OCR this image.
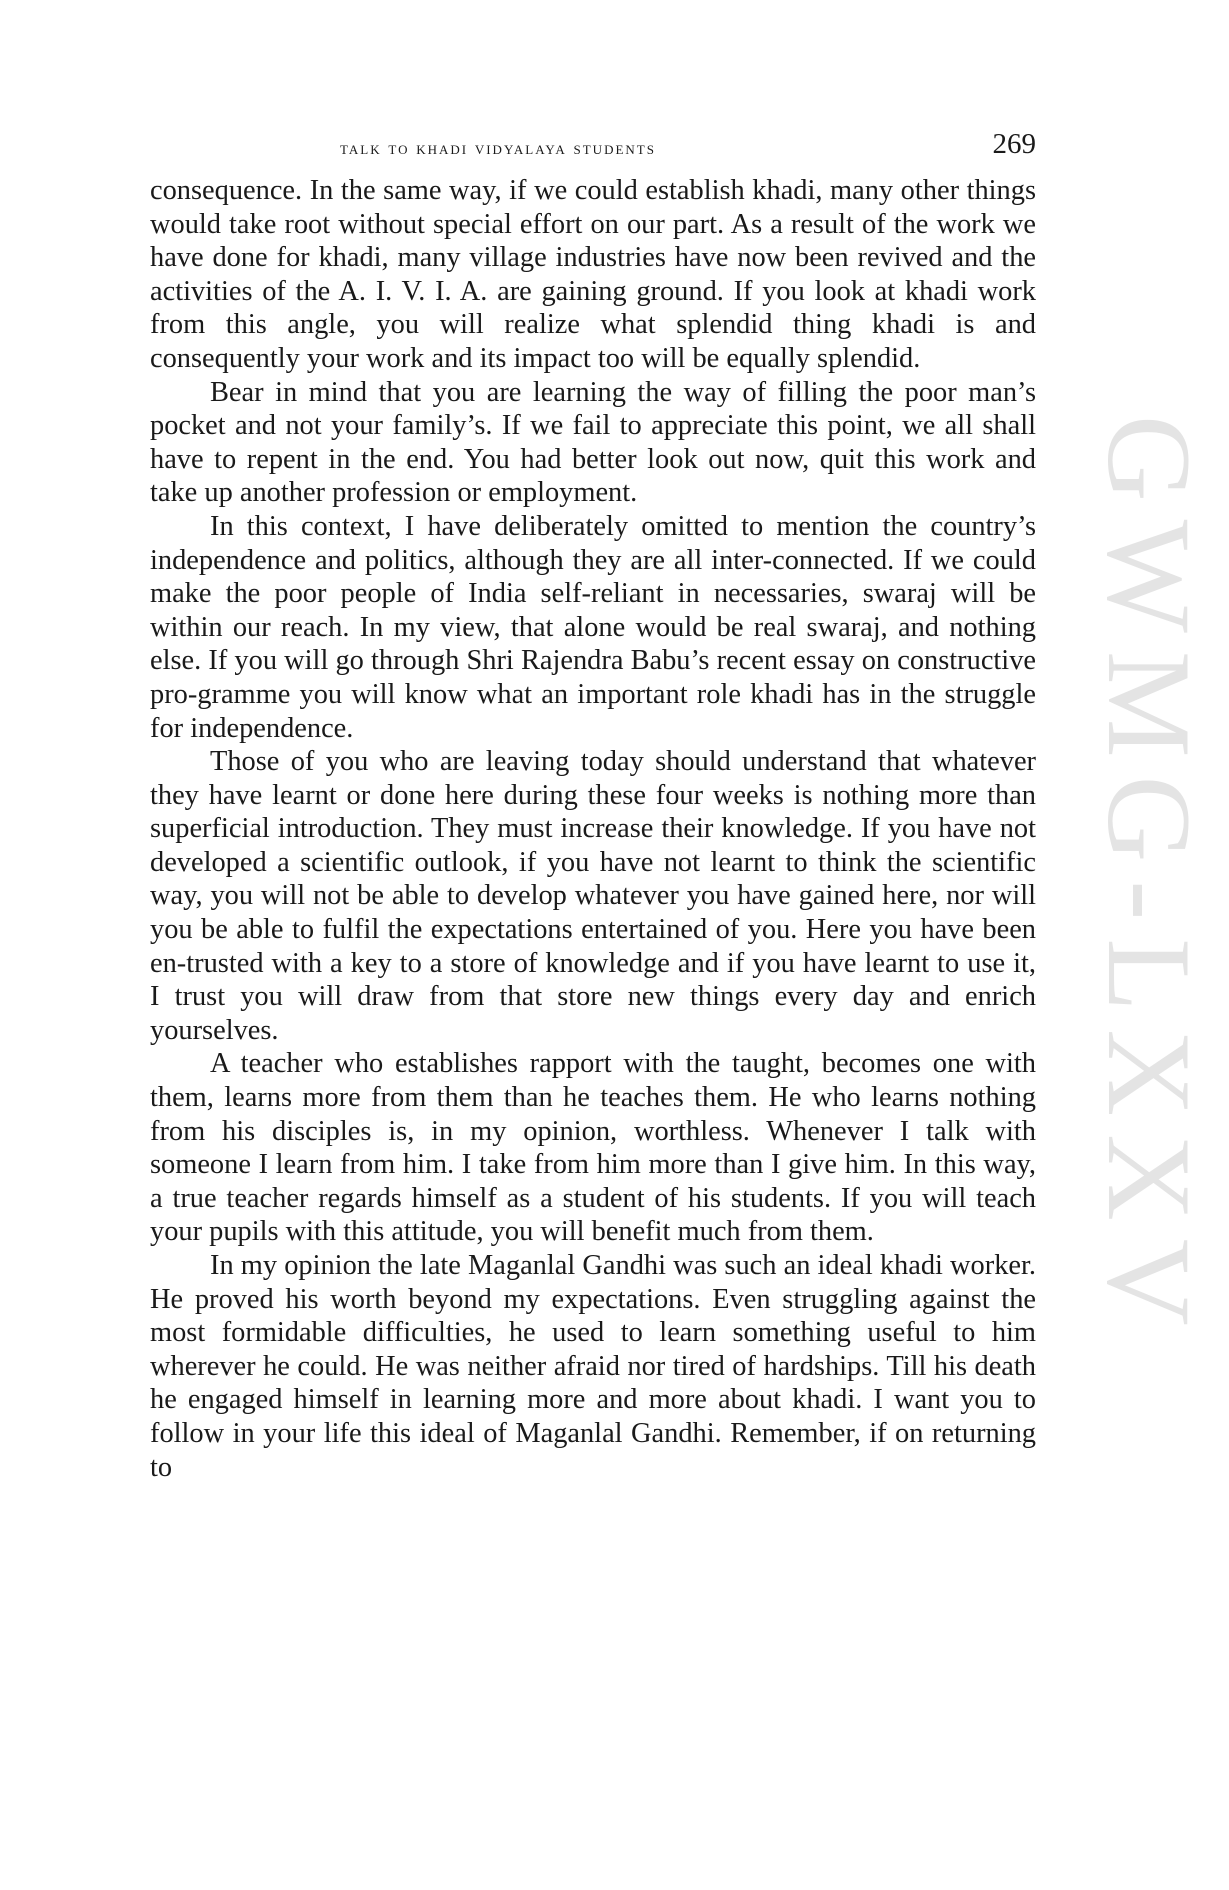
GWMG-LXXV
talk to khadi vidyalaya students	269

consequence. In the same way, if we could establish khadi, many other things would take root without special effort on our part. As a result of the work we have done for khadi, many village industries have now been revived and the activities of the A. I. V. I. A. are gaining ground. If you look at khadi work from this angle, you will realize what splendid thing khadi is and consequently your work and its impact too will be equally splendid.

Bear in mind that you are learning the way of filling the poor man’s pocket and not your family’s. If we fail to appreciate this point, we all shall have to repent in the end. You had better look out now, quit this work and take up another profession or employment.

In this context, I have deliberately omitted to mention the country’s independence and politics, although they are all inter-connected. If we could make the poor people of India self-reliant in necessaries, swaraj will be within our reach. In my view, that alone would be real swaraj, and nothing else. If you will go through Shri Rajendra Babu’s recent essay on constructive pro-gramme you will know what an important role khadi has in the struggle for independence.

Those of you who are leaving today should understand that whatever they have learnt or done here during these four weeks is nothing more than superficial introduction. They must increase their knowledge. If you have not developed a scientific outlook, if you have not learnt to think the scientific way, you will not be able to develop whatever you have gained here, nor will you be able to fulfil the expectations entertained of you. Here you have been en-trusted with a key to a store of knowledge and if you have learnt to use it, I trust you will draw from that store new things every day and enrich yourselves.

A teacher who establishes rapport with the taught, becomes one with them, learns more from them than he teaches them. He who learns nothing from his disciples is, in my opinion, worthless. Whenever I talk with someone I learn from him. I take from him more than I give him. In this way, a true teacher regards himself as a student of his students. If you will teach your pupils with this attitude, you will benefit much from them.

In my opinion the late Maganlal Gandhi was such an ideal khadi worker. He proved his worth beyond my expectations. Even struggling against the most formidable difficulties, he used to learn something useful to him wherever he could. He was neither afraid nor tired of hardships. Till his death he engaged himself in learning more and more about khadi. I want you to follow in your life this ideal of Maganlal Gandhi. Remember, if on returning to
